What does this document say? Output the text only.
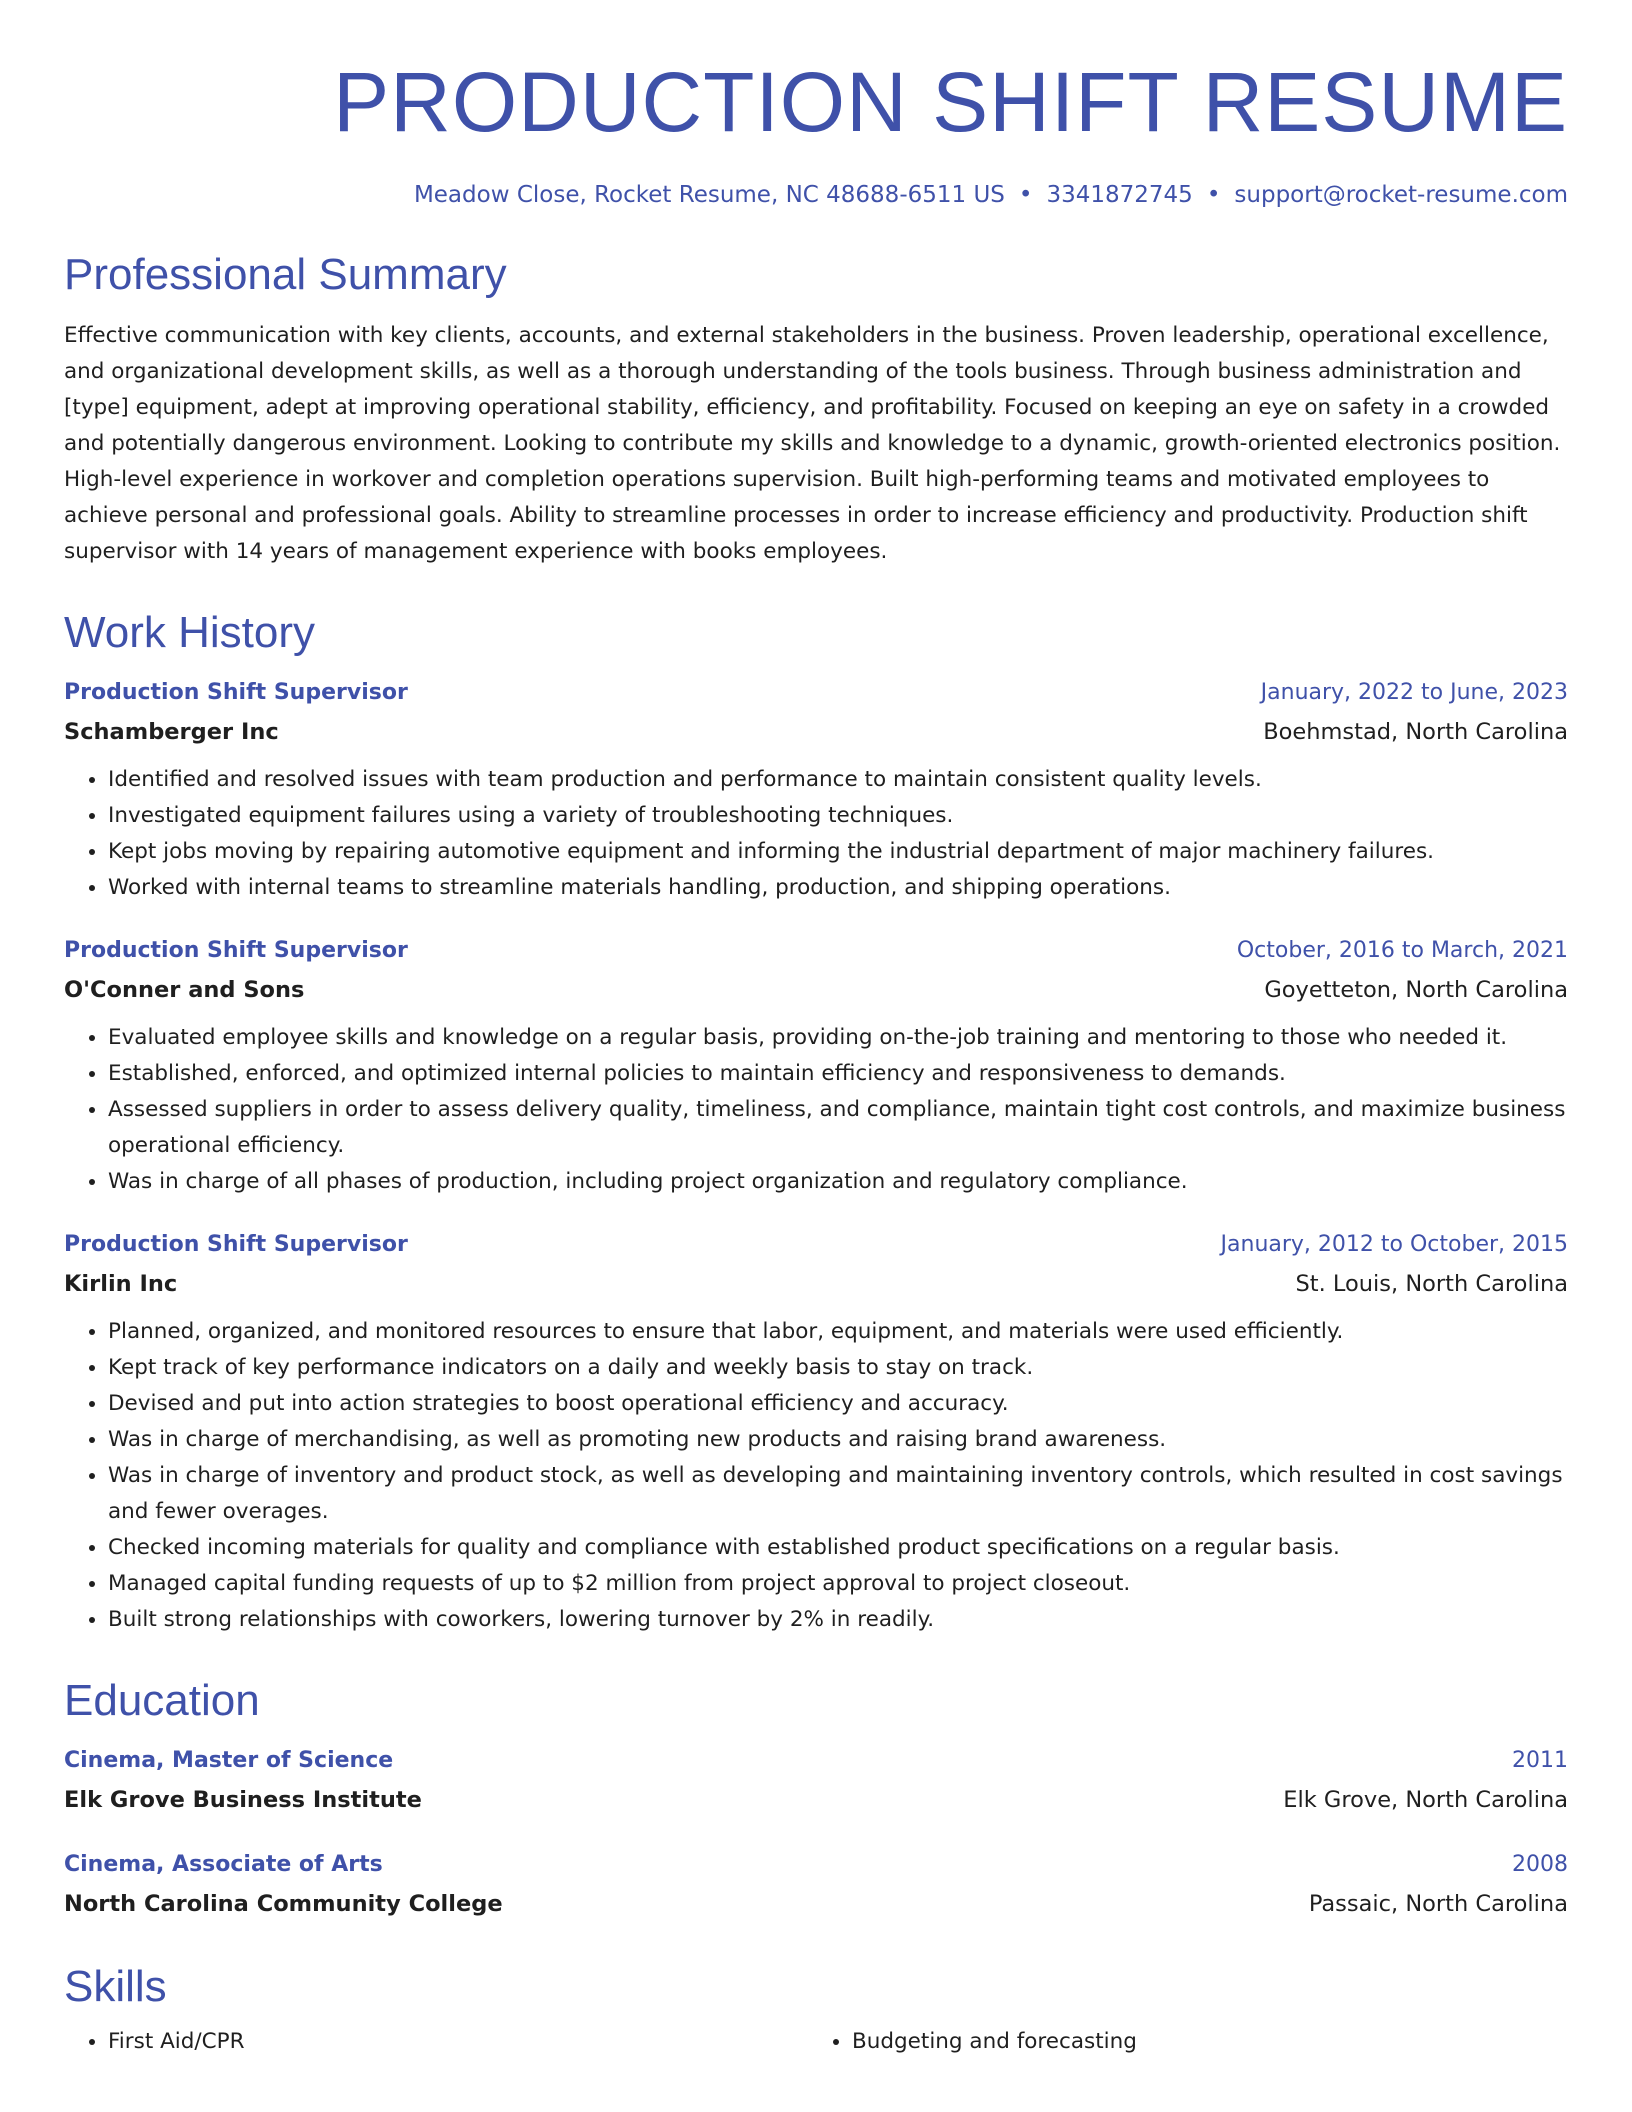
PRODUCTION SHIFT RESUME
Meadow Close, Rocket Resume, NC 48688-6511 US • 3341872745 • support@rocket-resume.com
Professional Summary

Effective communication with key clients, accounts, and external stakeholders in the business. Proven leadership, operational excellence, and organizational development skills, as well as a thorough understanding of the tools business. Through business administration and [type] equipment, adept at improving operational stability, efficiency, and profitability. Focused on keeping an eye on safety in a crowded and potentially dangerous environment. Looking to contribute my skills and knowledge to a dynamic, growth-oriented electronics position. High-level experience in workover and completion operations supervision. Built high-performing teams and motivated employees to achieve personal and professional goals. Ability to streamline processes in order to increase efficiency and productivity. Production shift supervisor with 14 years of management experience with books employees.

Work History
Production Shift Supervisor	January, 2022 to June, 2023
Schamberger Inc	Boehmstad, North Carolina
• Identified and resolved issues with team production and performance to maintain consistent quality levels.
• Investigated equipment failures using a variety of troubleshooting techniques.
• Kept jobs moving by repairing automotive equipment and informing the industrial department of major machinery failures.
• Worked with internal teams to streamline materials handling, production, and shipping operations.
Production Shift Supervisor	October, 2016 to March, 2021
O'Conner and Sons	Goyetteton, North Carolina
• Evaluated employee skills and knowledge on a regular basis, providing on-the-job training and mentoring to those who needed it.
• Established, enforced, and optimized internal policies to maintain efficiency and responsiveness to demands.
• Assessed suppliers in order to assess delivery quality, timeliness, and compliance, maintain tight cost controls, and maximize business operational efficiency.
• Was in charge of all phases of production, including project organization and regulatory compliance.
Production Shift Supervisor	January, 2012 to October, 2015
Kirlin Inc	St. Louis, North Carolina
• Planned, organized, and monitored resources to ensure that labor, equipment, and materials were used efficiently.
• Kept track of key performance indicators on a daily and weekly basis to stay on track.
• Devised and put into action strategies to boost operational efficiency and accuracy.
• Was in charge of merchandising, as well as promoting new products and raising brand awareness.
• Was in charge of inventory and product stock, as well as developing and maintaining inventory controls, which resulted in cost savings and fewer overages.
• Checked incoming materials for quality and compliance with established product specifications on a regular basis.
• Managed capital funding requests of up to $2 million from project approval to project closeout.
• Built strong relationships with coworkers, lowering turnover by 2% in readily.
Education
Cinema, Master of Science	2011
Elk Grove Business Institute	Elk Grove, North Carolina
Cinema, Associate of Arts	2008
North Carolina Community College	Passaic, North Carolina
Skills
• First Aid/CPR
•	Budgeting and forecasting
